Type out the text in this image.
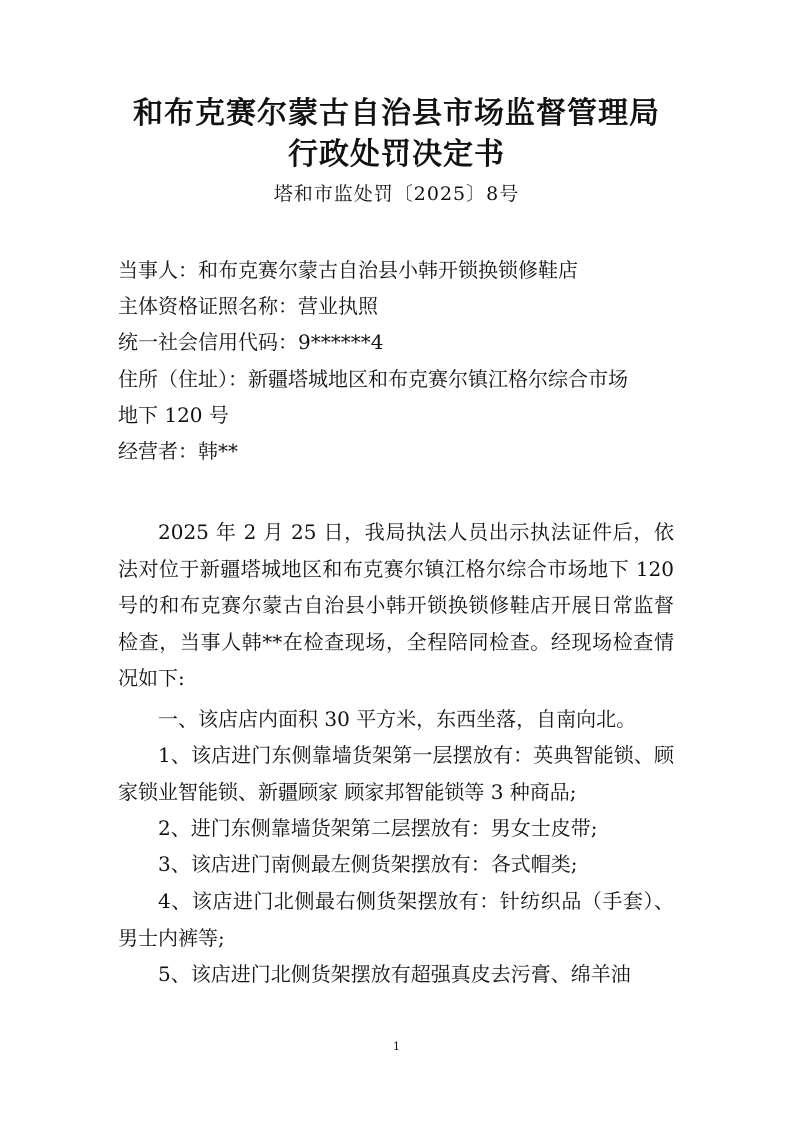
和布克赛尔蒙古自治县市场监督管理局
行政处罚决定书
塔和市监处罚〔2025〕8号
当事人：和布克赛尔蒙古自治县小韩开锁换锁修鞋店
主体资格证照名称：营业执照
统一社会信用代码：9******4
住所（住址）：新疆塔城地区和布克赛尔镇江格尔综合市场
地下 120 号
经营者：韩**
2025 年 2 月 25 日，我局执法人员出示执法证件后，依法对位于新疆塔城地区和布克赛尔镇江格尔综合市场地下 120 号的和布克赛尔蒙古自治县小韩开锁换锁修鞋店开展日常监督检查，当事人韩**在检查现场，全程陪同检查。经现场检查情况如下:
一、该店店内面积 30 平方米，东西坐落，自南向北。
1、该店进门东侧靠墙货架第一层摆放有：英典智能锁、顾家锁业智能锁、新疆顾家 顾家邦智能锁等 3 种商品;
2、进门东侧靠墙货架第二层摆放有：男女士皮带;
3、该店进门南侧最左侧货架摆放有：各式帽类;
4、该店进门北侧最右侧货架摆放有：针纺织品（手套）、男士内裤等;
5、该店进门北侧货架摆放有超强真皮去污膏、绵羊油
1
